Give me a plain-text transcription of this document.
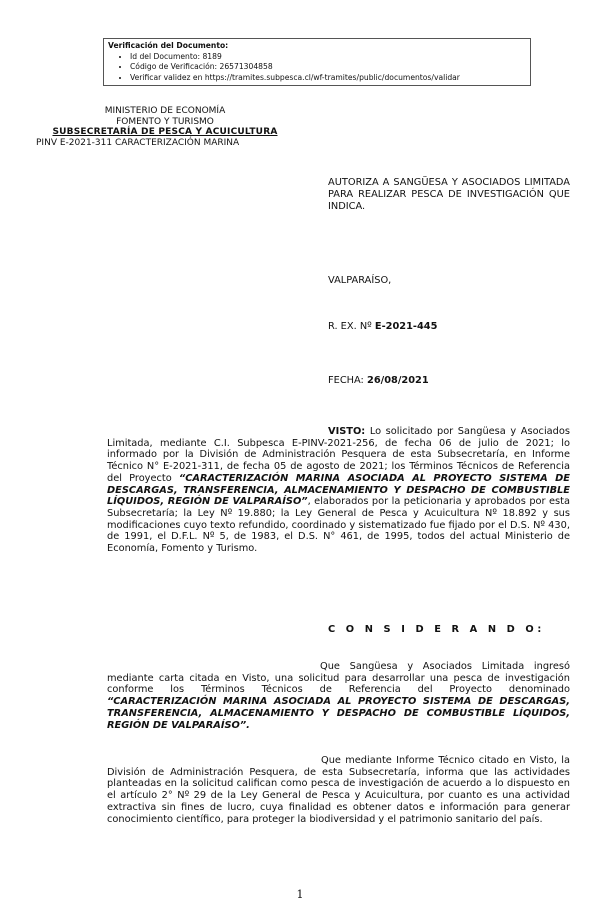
Verificación del Documento:
• Id del Documento: 8189
• Código de Verificación: 26571304858
• Verificar validez en https://tramites.subpesca.cl/wf-tramites/public/documentos/validar
MINISTERIO DE ECONOMÍA
FOMENTO Y TURISMO
SUBSECRETARÍA DE PESCA Y ACUICULTURA
PINV E-2021-311 CARACTERIZACIÓN MARINA
AUTORIZA A SANGÜESA Y ASOCIADOS LIMITADA PARA REALIZAR PESCA DE INVESTIGACIÓN QUE INDICA.
VALPARAÍSO,
R. EX. Nº E-2021-445
FECHA: 26/08/2021
VISTO: Lo solicitado por Sangüesa y Asociados Limitada, mediante C.I. Subpesca E-PINV-2021-256, de fecha 06 de julio de 2021; lo informado por la División de Administración Pesquera de esta Subsecretaría, en Informe Técnico N° E-2021-311, de fecha 05 de agosto de 2021; los Términos Técnicos de Referencia del Proyecto “CARACTERIZACIÓN MARINA ASOCIADA AL PROYECTO SISTEMA DE DESCARGAS, TRANSFERENCIA, ALMACENAMIENTO Y DESPACHO DE COMBUSTIBLE LÍQUIDOS, REGIÓN DE VALPARAÍSO”, elaborados por la peticionaria y aprobados por esta Subsecretaría; la Ley Nº 19.880; la Ley General de Pesca y Acuicultura Nº 18.892 y sus modificaciones cuyo texto refundido, coordinado y sistematizado fue fijado por el D.S. Nº 430, de 1991, el D.F.L. Nº 5, de 1983, el D.S. N° 461, de 1995, todos del actual Ministerio de Economía, Fomento y Turismo.
C O N S I D E R A N D O:
Que Sangüesa y Asociados Limitada ingresó mediante carta citada en Visto, una solicitud para desarrollar una pesca de investigación conforme los Términos Técnicos de Referencia del Proyecto denominado “CARACTERIZACIÓN MARINA ASOCIADA AL PROYECTO SISTEMA DE DESCARGAS, TRANSFERENCIA, ALMACENAMIENTO Y DESPACHO DE COMBUSTIBLE LÍQUIDOS, REGIÓN DE VALPARAÍSO”.
Que mediante Informe Técnico citado en Visto, la División de Administración Pesquera, de esta Subsecretaría, informa que las actividades planteadas en la solicitud califican como pesca de investigación de acuerdo a lo dispuesto en el artículo 2° Nº 29 de la Ley General de Pesca y Acuicultura, por cuanto es una actividad extractiva sin fines de lucro, cuya finalidad es obtener datos e información para generar conocimiento científico, para proteger la biodiversidad y el patrimonio sanitario del país.
1
